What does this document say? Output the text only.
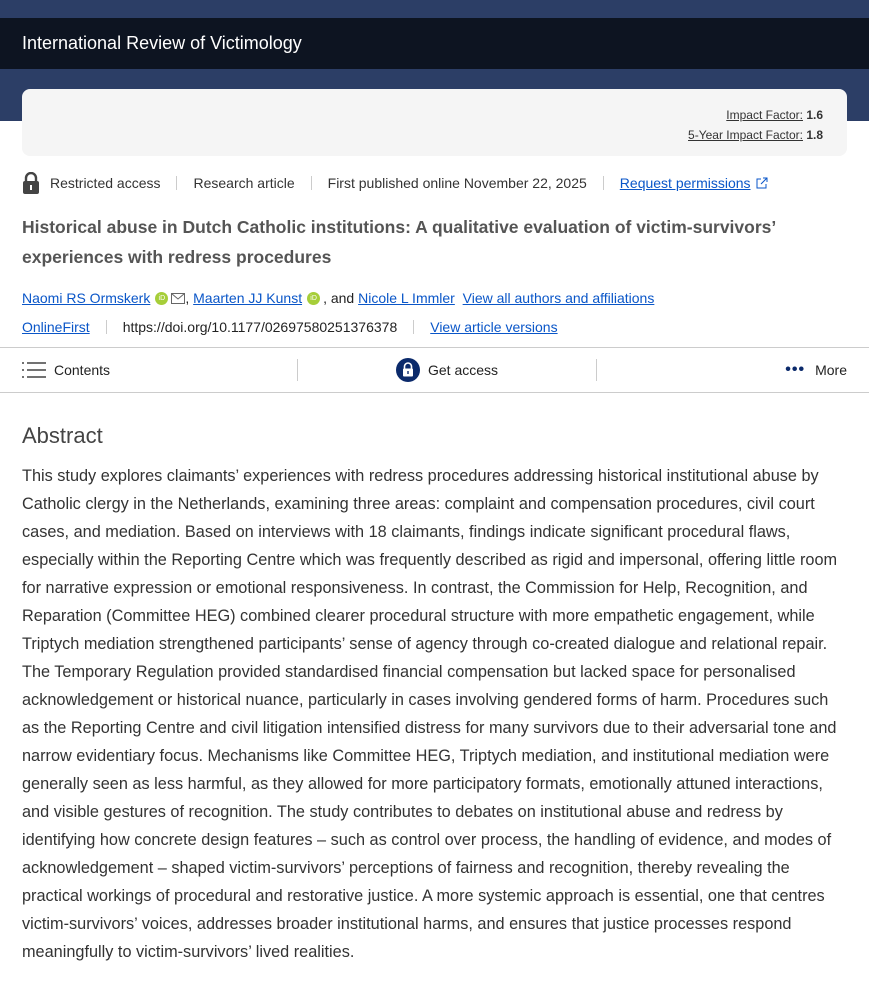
International Review of Victimology
Impact Factor: 1.6
5-Year Impact Factor: 1.8
Restricted access Research article First published online November 22, 2025 Request permissions
Historical abuse in Dutch Catholic institutions: A qualitative evaluation of victim-survivors’ experiences with redress procedures
Naomi RS Ormskerk	iD , Maarten JJ Kunst	iD , and
Nicole L Immler
View all authors and affiliations
OnlineFirst https://doi.org/10.1177/02697580251376378 View article versions
Contents	Get access	••• More
Abstract

This study explores claimants’ experiences with redress procedures addressing historical institutional abuse by Catholic clergy in the Netherlands, examining three areas: complaint and compensation procedures, civil court cases, and mediation. Based on interviews with 18 claimants, findings indicate significant procedural flaws, especially within the Reporting Centre which was frequently described as rigid and impersonal, offering little room for narrative expression or emotional responsiveness. In contrast, the Commission for Help, Recognition, and Reparation (Committee HEG) combined clearer procedural structure with more empathetic engagement, while Triptych mediation strengthened participants’ sense of agency through co-created dialogue and relational repair. The Temporary Regulation provided standardised financial compensation but lacked space for personalised acknowledgement or historical nuance, particularly in cases involving gendered forms of harm. Procedures such as the Reporting Centre and civil litigation intensified distress for many survivors due to their adversarial tone and narrow evidentiary focus. Mechanisms like Committee HEG, Triptych mediation, and institutional mediation were generally seen as less harmful, as they allowed for more participatory formats, emotionally attuned interactions, and visible gestures of recognition. The study contributes to debates on institutional abuse and redress by identifying how concrete design features – such as control over process, the handling of evidence, and modes of acknowledgement – shaped victim-survivors’ perceptions of fairness and recognition, thereby revealing the practical workings of procedural and restorative justice. A more systemic approach is essential, one that centres victim-survivors’ voices, addresses broader institutional harms, and ensures that justice processes respond meaningfully to victim-survivors’ lived realities.
